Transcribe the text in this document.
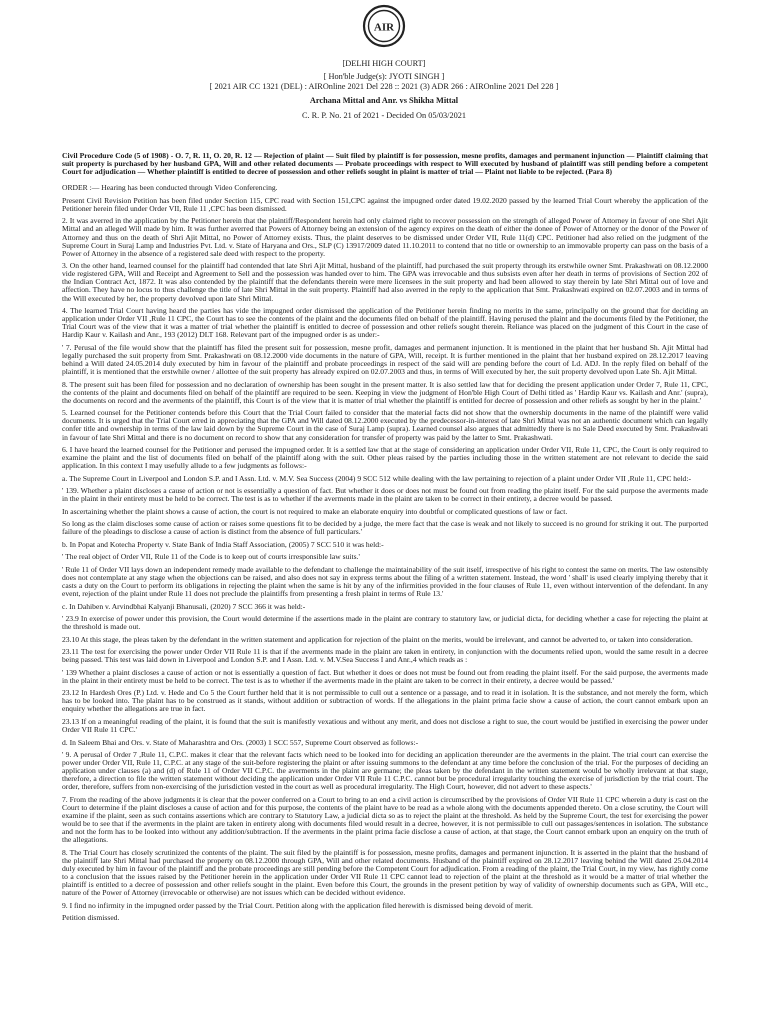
AIR
[DELHI HIGH COURT]
[ Hon'ble Judge(s): JYOTI SINGH ]
[ 2021 AIR CC 1321 (DEL) : AIROnline 2021 Del 228 :: 2021 (3) ADR 266 : AIROnline 2021 Del 228 ]
Archana Mittal and Anr. vs Shikha Mittal
C. R. P. No. 21 of 2021 - Decided On 05/03/2021

Civil Procedure Code (5 of 1908) - O. 7, R. 11, O. 20, R. 12 — Rejection of plaint — Suit filed by plaintiff is for possession, mesne profits, damages and permanent injunction — Plaintiff claiming that suit property is purchased by her husband GPA, Will and other related documents — Probate proceedings with respect to Will executed by husband of plaintiff was still pending before a competent Court for adjudication — Whether plaintiff is entitled to decree of possession and other reliefs sought in plaint is matter of trial — Plaint not liable to be rejected. (Para 8)

ORDER :— Hearing has been conducted through Video Conferencing.

Present Civil Revision Petition has been filed under Section 115, CPC read with Section 151,CPC against the impugned order dated 19.02.2020 passed by the learned Trial Court whereby the application of the Petitioner herein filed under Order VII, Rule 11 ,CPC has been dismissed.

2. It was averred in the application by the Petitioner herein that the plaintiff/Respondent herein had only claimed right to recover possession on the strength of alleged Power of Attorney in favour of one Shri Ajit Mittal and an alleged Will made by him. It was further averred that Powers of Attorney being an extension of the agency expires on the death of either the donee of Power of Attorney or the donor of the Power of Attorney and thus on the death of Shri Ajit Mittal, no Power of Attorney exists. Thus, the plaint deserves to be dismissed under Order VII, Rule 11(d) CPC. Petitioner had also relied on the judgment of the Supreme Court in Suraj Lamp and Industries Pvt. Ltd. v. State of Haryana and Ors., SLP (C) 13917/2009 dated 11.10.2011 to contend that no title or ownership to an immovable property can pass on the basis of a Power of Attorney in the absence of a registered sale deed with respect to the property.

3. On the other hand, learned counsel for the plaintiff had contended that late Shri Ajit Mittal, husband of the plaintiff, had purchased the suit property through its erstwhile owner Smt. Prakashwati on 08.12.2000 vide registered GPA, Will and Receipt and Agreement to Sell and the possession was handed over to him. The GPA was irrevocable and thus subsists even after her death in terms of provisions of Section 202 of the Indian Contract Act, 1872. It was also contended by the plaintiff that the defendants therein were mere licensees in the suit property and had been allowed to stay therein by late Shri Mittal out of love and affection. They have no locus to thus challenge the title of late Shri Mittal in the suit property. Plaintiff had also averred in the reply to the application that Smt. Prakashwati expired on 02.07.2003 and in terms of the Will executed by her, the property devolved upon late Shri Mittal.

4. The learned Trial Court having heard the parties has vide the impugned order dismissed the application of the Petitioner herein finding no merits in the same, principally on the ground that for deciding an application under Order VII ,Rule 11 CPC, the Court has to see the contents of the plaint and the documents filed on behalf of the plaintiff. Having perused the plaint and the documents filed by the Petitioner, the Trial Court was of the view that it was a matter of trial whether the plaintiff is entitled to decree of possession and other reliefs sought therein. Reliance was placed on the judgment of this Court in the case of Hardip Kaur v. Kailash and Anr., 193 (2012) DLT 168. Relevant part of the impugned order is as under:-

' 7. Perusal of the file would show that the plaintiff has filed the present suit for possession, mesne profit, damages and permanent injunction. It is mentioned in the plaint that her husband Sh. Ajit Mittal had legally purchased the suit property from Smt. Prakashwati on 08.12.2000 vide documents in the nature of GPA, Will, receipt. It is further mentioned in the plaint that her husband expired on 28.12.2017 leaving behind a Will dated 24.05.2014 duly executed by him in favour of the plaintiff and probate proceedings in respect of the said will are pending before the court of Ld. ADJ. In the reply filed on behalf of the plaintiff, it is mentioned that the erstwhile owner / allottee of the suit property has already expired on 02.07.2003 and thus, in terms of Will executed by her, the suit property devolved upon Late Sh. Ajit Mittal.

8. The present suit has been filed for possession and no declaration of ownership has been sought in the present matter. It is also settled law that for deciding the present application under Order 7, Rule 11, CPC, the contents of the plaint and documents filed on behalf of the plaintiff are required to be seen. Keeping in view the judgment of Hon'ble High Court of Delhi titled as ' Hardip Kaur vs. Kailash and Anr.' (supra), the documents on record and the averments of the plaintiff, this Court is of the view that it is matter of trial whether the plaintiff is entitled for decree of possession and other reliefs as sought by her in the plaint.'

5. Learned counsel for the Petitioner contends before this Court that the Trial Court failed to consider that the material facts did not show that the ownership documents in the name of the plaintiff were valid documents. It is urged that the Trial Court erred in appreciating that the GPA and Will dated 08.12.2000 executed by the predecessor-in-interest of late Shri Mittal was not an authentic document which can legally confer title and ownership in terms of the law laid down by the Supreme Court in the case of Suraj Lamp (supra). Learned counsel also argues that admittedly there is no Sale Deed executed by Smt. Prakashwati in favour of late Shri Mittal and there is no document on record to show that any consideration for transfer of property was paid by the latter to Smt. Prakashwati.

6. I have heard the learned counsel for the Petitioner and perused the impugned order. It is a settled law that at the stage of considering an application under Order VII, Rule 11, CPC, the Court is only required to examine the plaint and the list of documents filed on behalf of the plaintiff along with the suit. Other pleas raised by the parties including those in the written statement are not relevant to decide the said application. In this context I may usefully allude to a few judgments as follows:-

a. The Supreme Court in Liverpool and London S.P. and I Assn. Ltd. v. M.V. Sea Success (2004) 9 SCC 512 while dealing with the law pertaining to rejection of a plaint under Order VII ,Rule 11, CPC held:-

' 139. Whether a plaint discloses a cause of action or not is essentially a question of fact. But whether it does or does not must be found out from reading the plaint itself. For the said purpose the averments made in the plaint in their entirety must be held to be correct. The test is as to whether if the averments made in the plaint are taken to be correct in their entirety, a decree would be passed.

In ascertaining whether the plaint shows a cause of action, the court is not required to make an elaborate enquiry into doubtful or complicated questions of law or fact.

So long as the claim discloses some cause of action or raises some questions fit to be decided by a judge, the mere fact that the case is weak and not likely to succeed is no ground for striking it out. The purported failure of the pleadings to disclose a cause of action is distinct from the absence of full particulars.'

b. In Popat and Kotecha Property v. State Bank of India Staff Association, (2005) 7 SCC 510 it was held:-

' The real object of Order VII, Rule 11 of the Code is to keep out of courts irresponsible law suits.'

' Rule 11 of Order VII lays down an independent remedy made available to the defendant to challenge the maintainability of the suit itself, irrespective of his right to contest the same on merits. The law ostensibly does not contemplate at any stage when the objections can be raised, and also does not say in express terms about the filing of a written statement. Instead, the word ' shall' is used clearly implying thereby that it casts a duty on the Court to perform its obligations in rejecting the plaint when the same is hit by any of the infirmities provided in the four clauses of Rule 11, even without intervention of the defendant. In any event, rejection of the plaint under Rule 11 does not preclude the plaintiffs from presenting a fresh plaint in terms of Rule 13.'

c. In Dahiben v. Arvindbhai Kalyanji Bhanusali, (2020) 7 SCC 366 it was held:-

' 23.9 In exercise of power under this provision, the Court would determine if the assertions made in the plaint are contrary to statutory law, or judicial dicta, for deciding whether a case for rejecting the plaint at the threshold is made out.

23.10 At this stage, the pleas taken by the defendant in the written statement and application for rejection of the plaint on the merits, would be irrelevant, and cannot be adverted to, or taken into consideration.

23.11 The test for exercising the power under Order VII Rule 11 is that if the averments made in the plaint are taken in entirety, in conjunction with the documents relied upon, would the same result in a decree being passed. This test was laid down in Liverpool and London S.P. and I Assn. Ltd. v. M.V.Sea Success I and Anr.,4 which reads as :

' 139 Whether a plaint discloses a cause of action or not is essentially a question of fact. But whether it does or does not must be found out from reading the plaint itself. For the said purpose, the averments made in the plaint in their entirety must be held to be correct. The test is as to whether if the averments made in the plaint are taken to be correct in their entirety, a decree would be passed.'

23.12 In Hardesh Ores (P.) Ltd. v. Hede and Co 5 the Court further held that it is not permissible to cull out a sentence or a passage, and to read it in isolation. It is the substance, and not merely the form, which has to be looked into. The plaint has to be construed as it stands, without addition or subtraction of words. If the allegations in the plaint prima facie show a cause of action, the court cannot embark upon an enquiry whether the allegations are true in fact.

23.13 If on a meaningful reading of the plaint, it is found that the suit is manifestly vexatious and without any merit, and does not disclose a right to sue, the court would be justified in exercising the power under Order VII Rule 11 CPC.'

d. In Saleem Bhai and Ors. v. State of Maharashtra and Ors. (2003) 1 SCC 557, Supreme Court observed as follows:-

' 9. A perusal of Order 7 ,Rule 11, C.P.C. makes it clear that the relevant facts which need to be looked into for deciding an application thereunder are the averments in the plaint. The trial court can exercise the power under Order VII, Rule 11, C.P.C. at any stage of the suit-before registering the plaint or after issuing summons to the defendant at any time before the conclusion of the trial. For the purposes of deciding an application under clauses (a) and (d) of Rule 11 of Order VII C.P.C. the averments in the plaint are germane; the pleas taken by the defendant in the written statement would be wholly irrelevant at that stage, therefore, a direction to file the written statement without deciding the application under Order VII Rule 11 C.P.C. cannot but be procedural irregularity touching the exercise of jurisdiction by the trial court. The order, therefore, suffers from non-exercising of the jurisdiction vested in the court as well as procedural irregularity. The High Court, however, did not advert to these aspects.'

7. From the reading of the above judgments it is clear that the power conferred on a Court to bring to an end a civil action is circumscribed by the provisions of Order VII Rule 11 CPC wherein a duty is cast on the Court to determine if the plaint discloses a cause of action and for this purpose, the contents of the plaint have to be read as a whole along with the documents appended thereto. On a close scrutiny, the Court will examine if the plaint, seen as such contains assertions which are contrary to Statutory Law, a judicial dicta so as to reject the plaint at the threshold. As held by the Supreme Court, the test for exercising the power would be to see that if the averments in the plaint are taken in entirety along with documents filed would result in a decree, however, it is not permissible to cull out passages/sentences in isolation. The substance and not the form has to be looked into without any addition/subtraction. If the averments in the plaint prima facie disclose a cause of action, at that stage, the Court cannot embark upon an enquiry on the truth of the allegations.

8. The Trial Court has closely scrutinized the contents of the plaint. The suit filed by the plaintiff is for possession, mesne profits, damages and permanent injunction. It is asserted in the plaint that the husband of the plaintiff late Shri Mittal had purchased the property on 08.12.2000 through GPA, Will and other related documents. Husband of the plaintiff expired on 28.12.2017 leaving behind the Will dated 25.04.2014 duly executed by him in favour of the plaintiff and the probate proceedings are still pending before the Competent Court for adjudication. From a reading of the plaint, the Trial Court, in my view, has rightly come to a conclusion that the issues raised by the Petitioner herein in the application under Order VII Rule 11 CPC cannot lead to rejection of the plaint at the threshold as it would be a matter of trial whether the plaintiff is entitled to a decree of possession and other reliefs sought in the plaint. Even before this Court, the grounds in the present petition by way of validity of ownership documents such as GPA, Will etc., nature of the Power of Attorney (irrevocable or otherwise) are not issues which can be decided without evidence.

9. I find no infirmity in the impugned order passed by the Trial Court. Petition along with the application filed herewith is dismissed being devoid of merit.

Petition dismissed.
